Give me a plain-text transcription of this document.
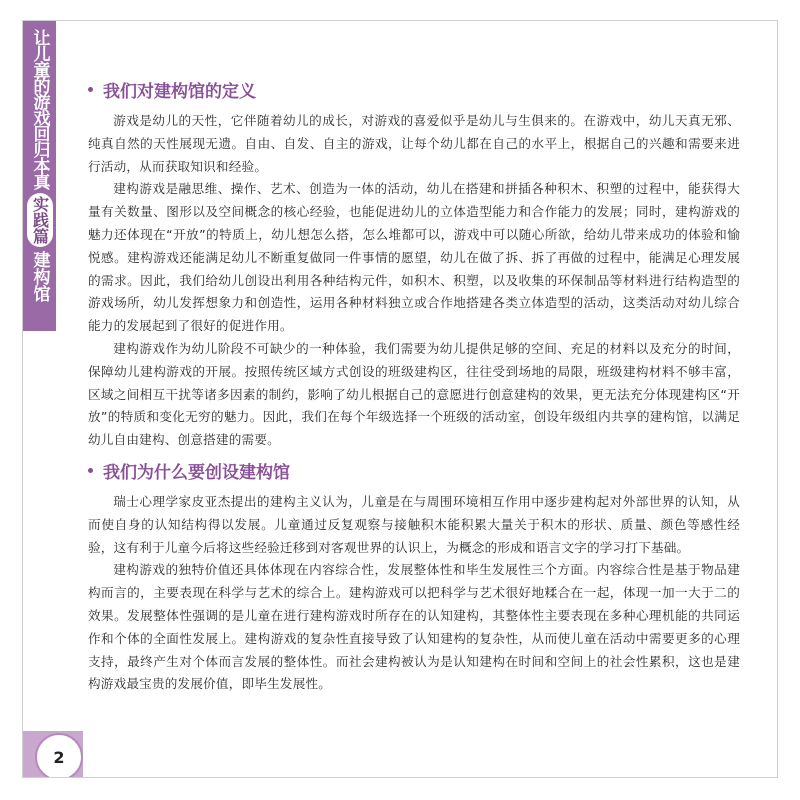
让儿童的游戏回归本真
实践篇
建构馆
我们对建构馆的定义

游戏是幼儿的天性，它伴随着幼儿的成长，对游戏的喜爱似乎是幼儿与生俱来的。在游戏中，幼儿天真无邪、纯真自然的天性展现无遗。自由、自发、自主的游戏，让每个幼儿都在自己的水平上，根据自己的兴趣和需要来进行活动，从而获取知识和经验。

建构游戏是融思维、操作、艺术、创造为一体的活动，幼儿在搭建和拼插各种积木、积塑的过程中，能获得大量有关数量、图形以及空间概念的核心经验，也能促进幼儿的立体造型能力和合作能力的发展；同时，建构游戏的魅力还体现在“开放”的特质上，幼儿想怎么搭，怎么堆都可以，游戏中可以随心所欲，给幼儿带来成功的体验和愉悦感。建构游戏还能满足幼儿不断重复做同一件事情的愿望，幼儿在做了拆、拆了再做的过程中，能满足心理发展的需求。因此，我们给幼儿创设出利用各种结构元件，如积木、积塑，以及收集的环保制品等材料进行结构造型的游戏场所，幼儿发挥想象力和创造性，运用各种材料独立或合作地搭建各类立体造型的活动，这类活动对幼儿综合能力的发展起到了很好的促进作用。

建构游戏作为幼儿阶段不可缺少的一种体验，我们需要为幼儿提供足够的空间、充足的材料以及充分的时间，保障幼儿建构游戏的开展。按照传统区域方式创设的班级建构区，往往受到场地的局限，班级建构材料不够丰富，区域之间相互干扰等诸多因素的制约，影响了幼儿根据自己的意愿进行创意建构的效果，更无法充分体现建构区“开放”的特质和变化无穷的魅力。因此，我们在每个年级选择一个班级的活动室，创设年级组内共享的建构馆，以满足幼儿自由建构、创意搭建的需要。

我们为什么要创设建构馆

瑞士心理学家皮亚杰提出的建构主义认为，儿童是在与周围环境相互作用中逐步建构起对外部世界的认知，从而使自身的认知结构得以发展。儿童通过反复观察与接触积木能积累大量关于积木的形状、质量、颜色等感性经验，这有利于儿童今后将这些经验迁移到对客观世界的认识上，为概念的形成和语言文字的学习打下基础。

建构游戏的独特价值还具体体现在内容综合性，发展整体性和毕生发展性三个方面。内容综合性是基于物品建构而言的，主要表现在科学与艺术的综合上。建构游戏可以把科学与艺术很好地糅合在一起，体现一加一大于二的效果。发展整体性强调的是儿童在进行建构游戏时所存在的认知建构，其整体性主要表现在多种心理机能的共同运作和个体的全面性发展上。建构游戏的复杂性直接导致了认知建构的复杂性，从而使儿童在活动中需要更多的心理支持，最终产生对个体而言发展的整体性。而社会建构被认为是认知建构在时间和空间上的社会性累积，这也是建构游戏最宝贵的发展价值，即毕生发展性。

2
